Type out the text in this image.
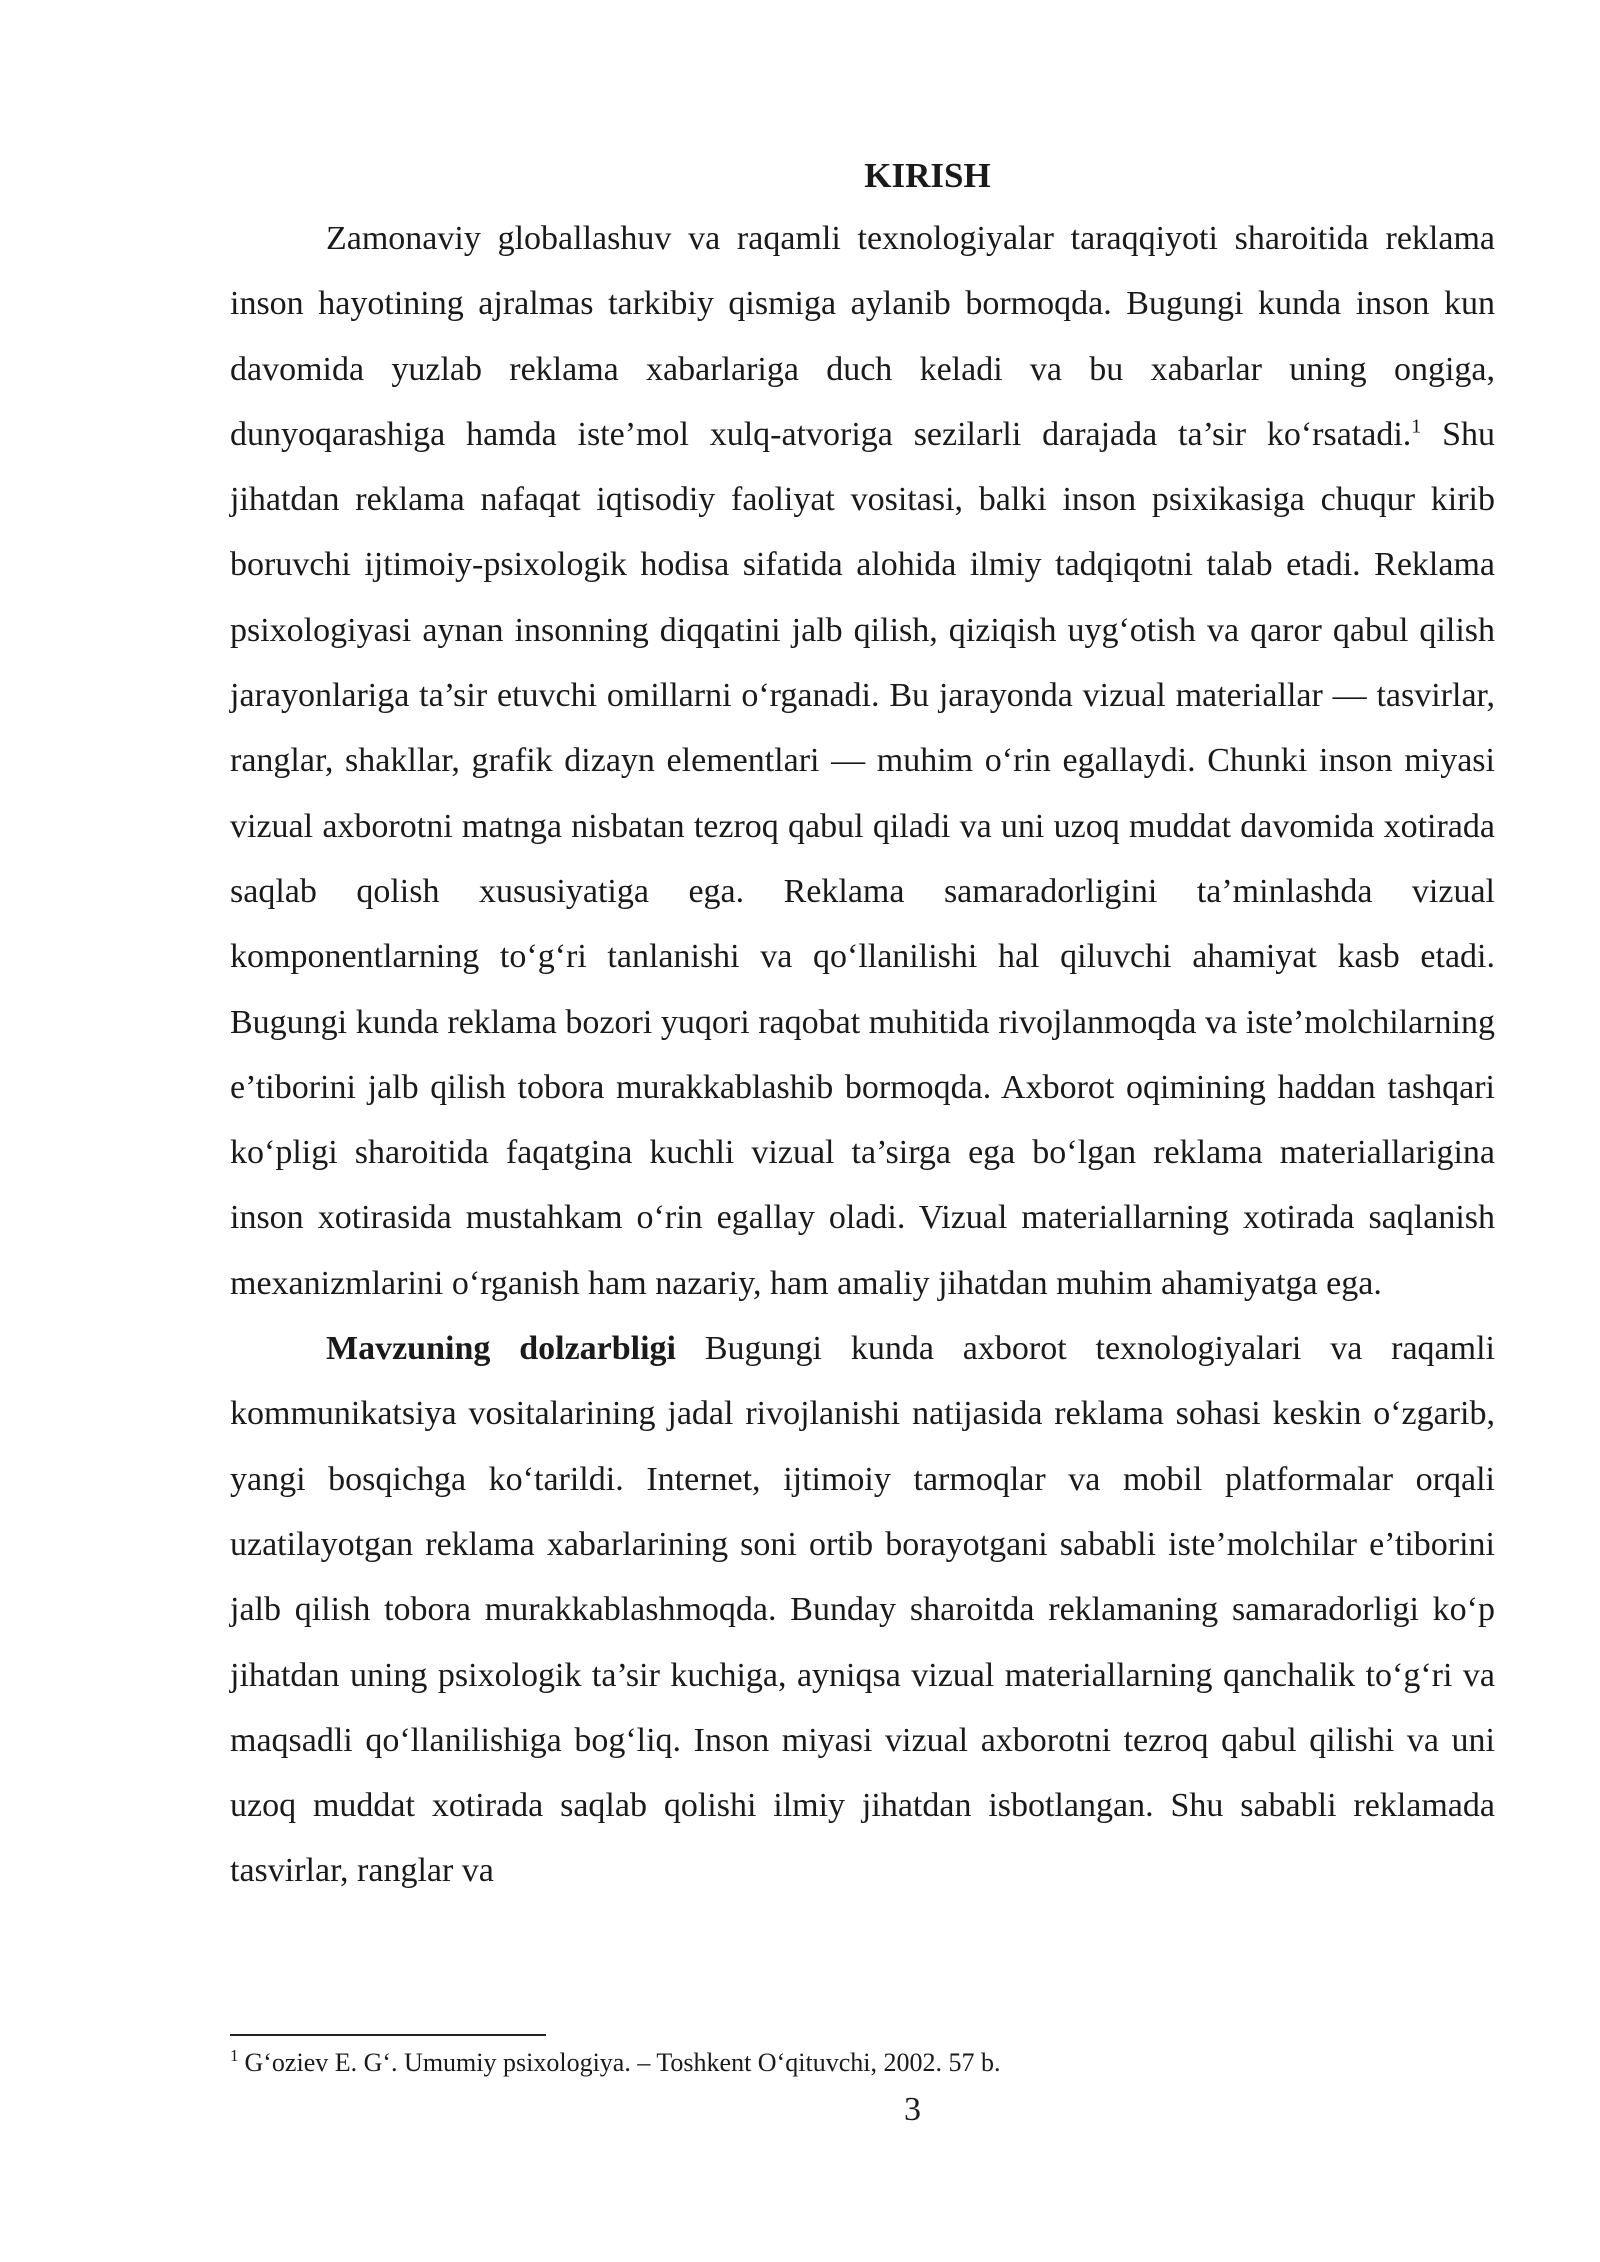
KIRISH

Zamonaviy globallashuv va raqamli texnologiyalar taraqqiyoti sharoitida reklama inson hayotining ajralmas tarkibiy qismiga aylanib bormoqda. Bugungi kunda inson kun davomida yuzlab reklama xabarlariga duch keladi va bu xabarlar uning ongiga, dunyoqarashiga hamda iste’mol xulq-atvoriga sezilarli darajada ta’sir ko‘rsatadi.$^1$ Shu jihatdan reklama nafaqat iqtisodiy faoliyat vositasi, balki inson psixikasiga chuqur kirib boruvchi ijtimoiy-psixologik hodisa sifatida alohida ilmiy tadqiqotni talab etadi. Reklama psixologiyasi aynan insonning diqqatini jalb qilish, qiziqish uyg‘otish va qaror qabul qilish jarayonlariga ta’sir etuvchi omillarni o‘rganadi. Bu jarayonda vizual materiallar — tasvirlar, ranglar, shakllar, grafik dizayn elementlari — muhim o‘rin egallaydi. Chunki inson miyasi vizual axborotni matnga nisbatan tezroq qabul qiladi va uni uzoq muddat davomida xotirada saqlab qolish xususiyatiga ega. Reklama samaradorligini ta’minlashda vizual komponentlarning to‘g‘ri tanlanishi va qo‘llanilishi hal qiluvchi ahamiyat kasb etadi. Bugungi kunda reklama bozori yuqori raqobat muhitida rivojlanmoqda va iste’molchilarning e’tiborini jalb qilish tobora murakkablashib bormoqda. Axborot oqimining haddan tashqari ko‘pligi sharoitida faqatgina kuchli vizual ta’sirga ega bo‘lgan reklama materiallarigina inson xotirasida mustahkam o‘rin egallay oladi. Vizual materiallarning xotirada saqlanish mexanizmlarini o‘rganish ham nazariy, ham amaliy jihatdan muhim ahamiyatga ega.

Mavzuning dolzarbligi Bugungi kunda axborot texnologiyalari va raqamli kommunikatsiya vositalarining jadal rivojlanishi natijasida reklama sohasi keskin o‘zgarib, yangi bosqichga ko‘tarildi. Internet, ijtimoiy tarmoqlar va mobil platformalar orqali uzatilayotgan reklama xabarlarining soni ortib borayotgani sababli iste’molchilar e’tiborini jalb qilish tobora murakkablashmoqda. Bunday sharoitda reklamaning samaradorligi ko‘p jihatdan uning psixologik ta’sir kuchiga, ayniqsa vizual materiallarning qanchalik to‘g‘ri va maqsadli qo‘llanilishiga bog‘liq. Inson miyasi vizual axborotni tezroq qabul qilishi va uni uzoq muddat xotirada saqlab qolishi ilmiy jihatdan isbotlangan. Shu sababli reklamada tasvirlar, ranglar va

$^1$ G‘oziev E. G‘. Umumiy psixologiya. – Toshkent O‘qituvchi, 2002. 57 b.
3
